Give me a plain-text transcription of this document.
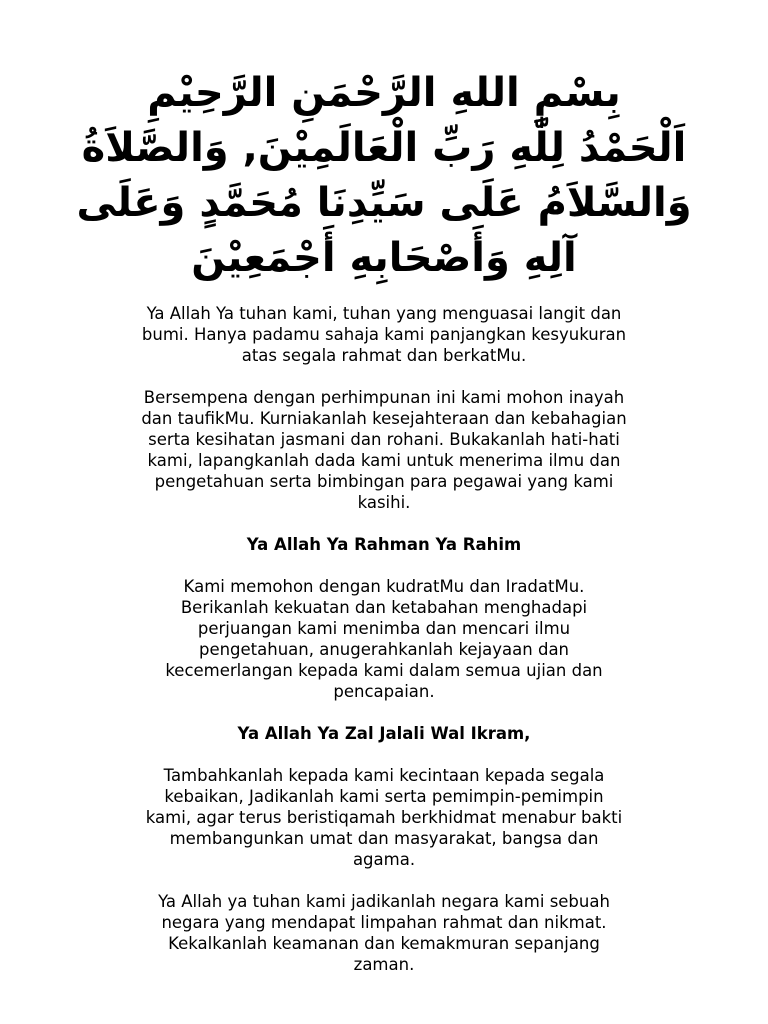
بِسْمِ اللهِ الرَّحْمَنِ الرَّحِيْمِ
اَلْحَمْدُ لِلّٰهِ رَبِّ الْعَالَمِيْنَ, وَالصَّلاَةُ
وَالسَّلاَمُ عَلَى سَيِّدِنَا مُحَمَّدٍ وَعَلَى
آلِهِ وَأَصْحَابِهِ أَجْمَعِيْنَ
Ya Allah Ya tuhan kami, tuhan yang menguasai langit dan
bumi. Hanya padamu sahaja kami panjangkan kesyukuran
atas segala rahmat dan berkatMu.
Bersempena dengan perhimpunan ini kami mohon inayah
dan taufikMu. Kurniakanlah kesejahteraan dan kebahagian
serta kesihatan jasmani dan rohani. Bukakanlah hati-hati
kami, lapangkanlah dada kami untuk menerima ilmu dan
pengetahuan serta bimbingan para pegawai yang kami
kasihi.
Ya Allah Ya Rahman Ya Rahim
Kami memohon dengan kudratMu dan IradatMu.
Berikanlah kekuatan dan ketabahan menghadapi
perjuangan kami menimba dan mencari ilmu
pengetahuan, anugerahkanlah kejayaan dan
kecemerlangan kepada kami dalam semua ujian dan
pencapaian.
Ya Allah Ya Zal Jalali Wal Ikram,
Tambahkanlah kepada kami kecintaan kepada segala
kebaikan, Jadikanlah kami serta pemimpin-pemimpin
kami, agar terus beristiqamah berkhidmat menabur bakti
membangunkan umat dan masyarakat, bangsa dan
agama.
Ya Allah ya tuhan kami jadikanlah negara kami sebuah
negara yang mendapat limpahan rahmat dan nikmat.
Kekalkanlah keamanan dan kemakmuran sepanjang
zaman.
